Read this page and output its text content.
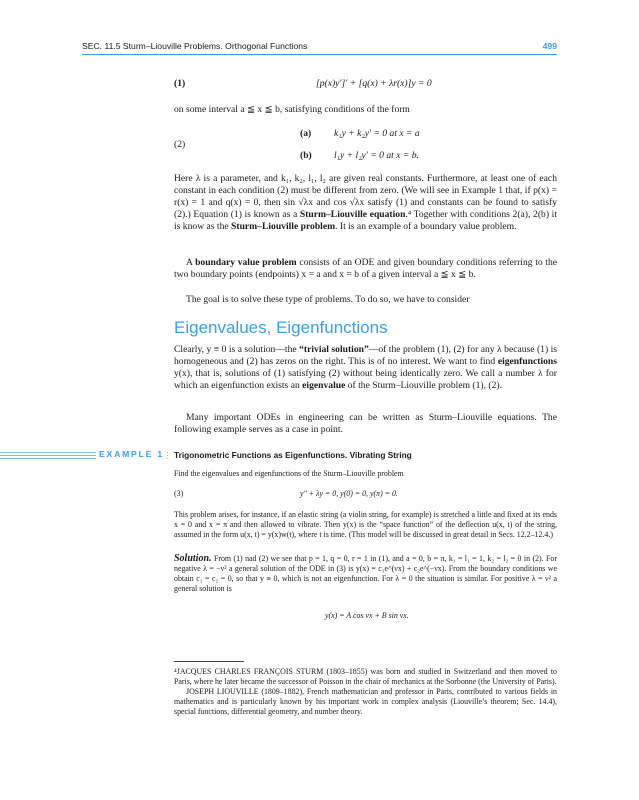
SEC. 11.5 Sturm–Liouville Problems. Orthogonal Functions	499
(1)	[p(x)y′]′ + [q(x) + λr(x)]y = 0
on some interval a ≦ x ≦ b, satisfying conditions of the form
(2)
(a) k₁y + k₂y′ = 0 at x = a
(b) l₁y + l₂y′ = 0 at x = b.
Here λ is a parameter, and k₁, k₂, l₁, l₂ are given real constants. Furthermore, at least one of each constant in each condition (2) must be different from zero. (We will see in Example 1 that, if p(x) = r(x) = 1 and q(x) = 0, then sin √λx and cos √λx satisfy (1) and constants can be found to satisfy (2).) Equation (1) is known as a Sturm–Liouville equation.⁴ Together with conditions 2(a), 2(b) it is know as the Sturm–Liouville problem. It is an example of a boundary value problem.
A boundary value problem consists of an ODE and given boundary conditions referring to the two boundary points (endpoints) x = a and x = b of a given interval a ≦ x ≦ b.
The goal is to solve these type of problems. To do so, we have to consider
Eigenvalues, Eigenfunctions
Clearly, y ≡ 0 is a solution—the “trivial solution”—of the problem (1), (2) for any λ because (1) is homogeneous and (2) has zeros on the right. This is of no interest. We want to find eigenfunctions y(x), that is, solutions of (1) satisfying (2) without being identically zero. We call a number λ for which an eigenfunction exists an eigenvalue of the Sturm–Liouville problem (1), (2).
Many important ODEs in engineering can be written as Sturm–Liouville equations. The following example serves as a case in point.
EXAMPLE 1	Trigonometric Functions as Eigenfunctions. Vibrating String
Find the eigenvalues and eigenfunctions of the Sturm–Liouville problem
(3)	y″ + λy = 0, y(0) = 0, y(π) = 0.
This problem arises, for instance, if an elastic string (a violin string, for example) is stretched a little and fixed at its ends x = 0 and x = π and then allowed to vibrate. Then y(x) is the “space function” of the deflection u(x, t) of the string, assumed in the form u(x, t) = y(x)w(t), where t is time. (This model will be discussed in great detail in Secs. 12.2–12.4.)
Solution. From (1) nad (2) we see that p = 1, q = 0, r = 1 in (1), and a = 0, b = π, k₁ = l₁ = 1, k₂ = l₂ = 0 in (2). For negative λ = −ν² a general solution of the ODE in (3) is y(x) = c₁e^(νx) + c₂e^(−νx). From the boundary conditions we obtain c₁ = c₂ = 0, so that y ≡ 0, which is not an eigenfunction. For λ = 0 the situation is similar. For positive λ = ν² a general solution is
y(x) = A cos νx + B sin νx.

⁴JACQUES CHARLES FRANÇOIS STURM (1803–1855) was born and studied in Switzerland and then moved to Paris, where he later became the successor of Poisson in the chair of mechanics at the Sorbonne (the University of Paris).

JOSEPH LIOUVILLE (1809–1882), French mathematician and professor in Paris, contributed to various fields in mathematics and is particularly known by his important work in complex analysis (Liouville’s theorem; Sec. 14.4), special functions, differential geometry, and number theory.
